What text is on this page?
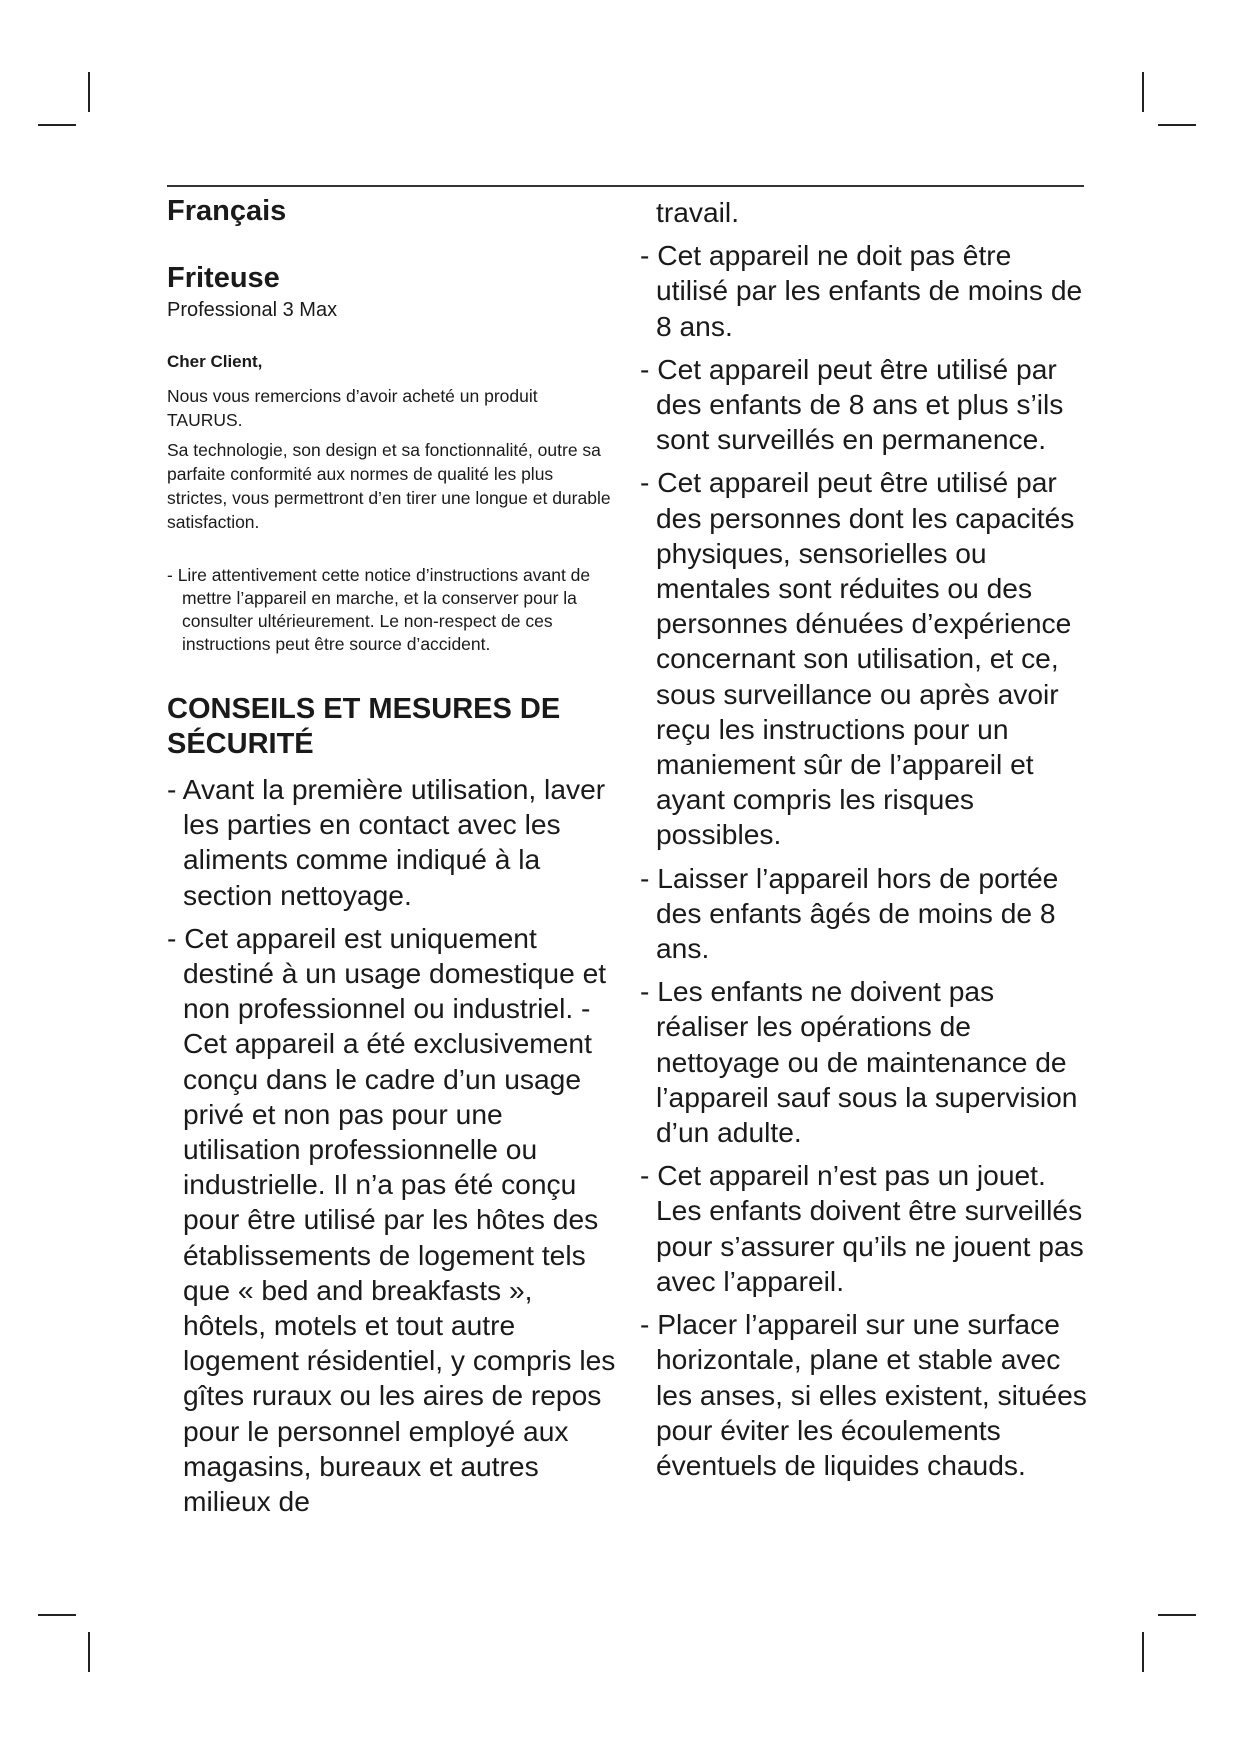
Français
Friteuse
Professional 3 Max
Cher Client,

Nous vous remercions d’avoir acheté un produit TAURUS.

Sa technologie, son design et sa fonctionnalité, outre sa parfaite conformité aux normes de qualité les plus strictes, vous permettront d’en tirer une longue et durable satisfaction.

- Lire attentivement cette notice d’instructions avant de mettre l’appareil en marche, et la conserver pour la consulter ultérieurement. Le non-respect de ces instructions peut être source d’accident.

CONSEILS ET MESURES DE SÉCURITÉ

- Avant la première utilisation, laver les parties en contact avec les aliments comme indiqué à la section nettoyage.

- Cet appareil est uniquement destiné à un usage domestique et non professionnel ou industriel. - Cet appareil a été exclusivement conçu dans le cadre d’un usage privé et non pas pour une utilisation professionnelle ou industrielle. Il n’a pas été conçu pour être utilisé par les hôtes des établissements de logement tels que « bed and breakfasts », hôtels, motels et tout autre logement résidentiel, y compris les gîtes ruraux ou les aires de repos pour le personnel employé aux magasins, bureaux et autres milieux de

travail.

- Cet appareil ne doit pas être utilisé par les enfants de moins de 8 ans.

- Cet appareil peut être utilisé par des enfants de 8 ans et plus s’ils sont surveillés en permanence.

- Cet appareil peut être utilisé par des personnes dont les capacités physiques, sensorielles ou mentales sont réduites ou des personnes dénuées d’expérience concernant son utilisation, et ce, sous surveillance ou après avoir reçu les instructions pour un maniement sûr de l’appareil et ayant compris les risques possibles.

- Laisser l’appareil hors de portée des enfants âgés de moins de 8 ans.

- Les enfants ne doivent pas réaliser les opérations de nettoyage ou de maintenance de l’appareil sauf sous la supervision d’un adulte.

- Cet appareil n’est pas un jouet. Les enfants doivent être surveillés pour s’assurer qu’ils ne jouent pas avec l’appareil.

- Placer l’appareil sur une surface horizontale, plane et stable avec les anses, si elles existent, situées pour éviter les écoulements éventuels de liquides chauds.
